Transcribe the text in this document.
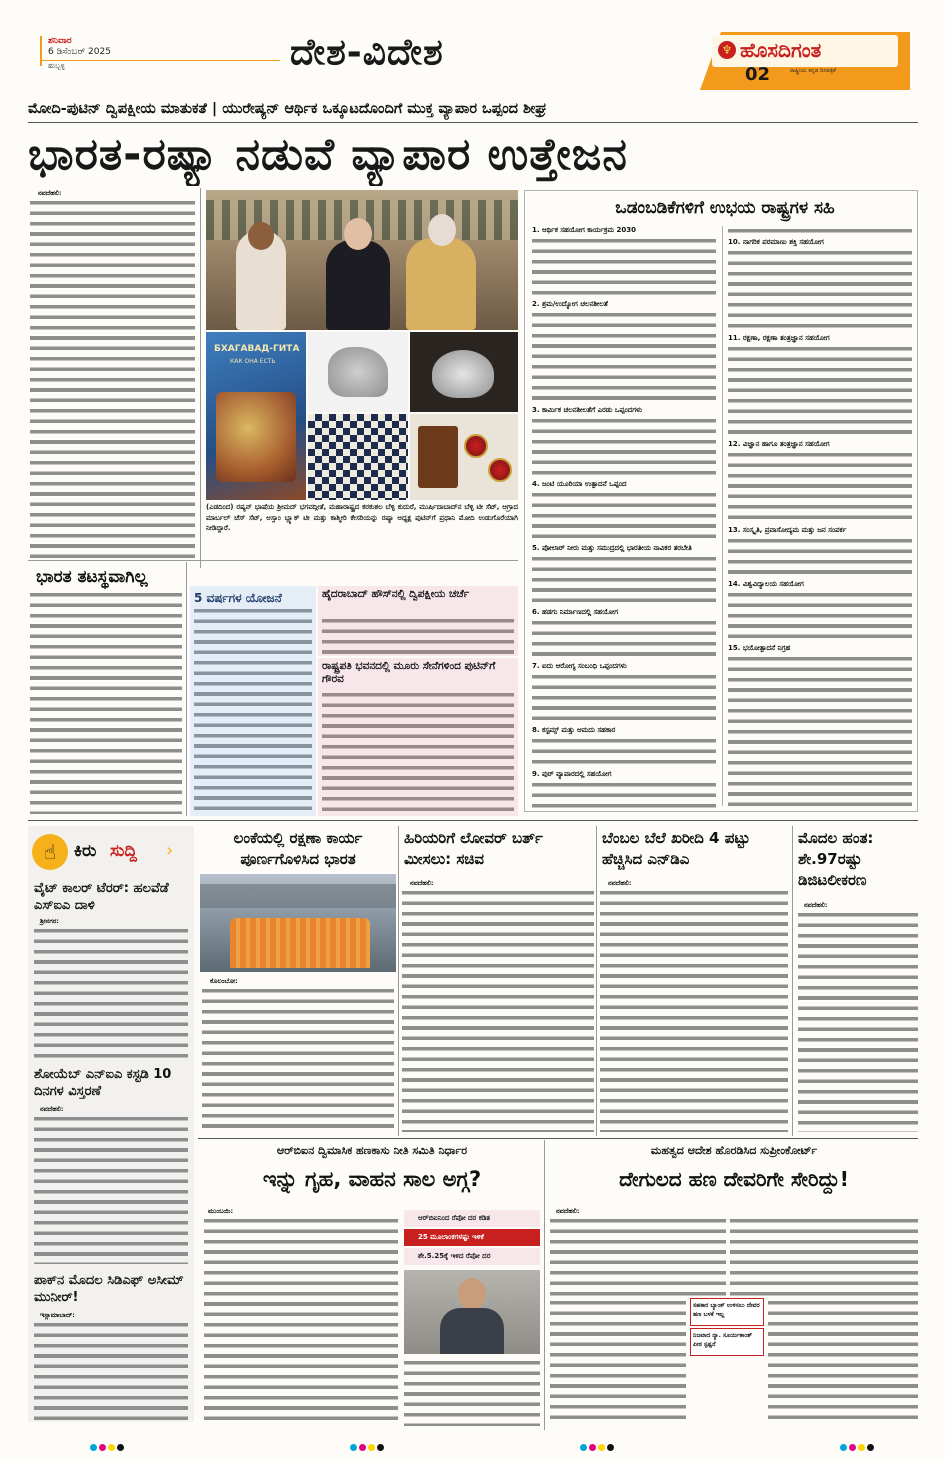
ಶನಿವಾರ
6 ಡಿಸೆಂಬರ್ 2025
ಹುಬ್ಬಳ್ಳಿ	ದೇಶ-ವಿದೇಶ	♆ ಹೊಸದಿಗಂತ
ರಾಷ್ಟ್ರೀಯ ಕನ್ನಡ ದಿನಪತ್ರಿಕೆ
02
ಮೋದಿ-ಪುಟಿನ್ ದ್ವಿಪಕ್ಷೀಯ ಮಾತುಕತೆ | ಯುರೇಷ್ಯನ್ ಆರ್ಥಿಕ ಒಕ್ಕೂಟದೊಂದಿಗೆ ಮುಕ್ತ ವ್ಯಾಪಾರ ಒಪ್ಪಂದ ಶೀಘ್ರ
ಭಾರತ-ರಷ್ಯಾ ನಡುವೆ ವ್ಯಾಪಾರ ಉತ್ತೇಜನ
ನವದೆಹಲಿ:
БХАГАВАД-ГИТА
КАК ОНА ЕСТЬ
(ಎಡದಿಂದ) ರಷ್ಯನ್ ಭಾಷೆಯ ಶ್ರೀಮದ್ ಭಗವದ್ಗೀತೆ, ಮಹಾರಾಷ್ಟ್ರದ ಕರಕುಶಲ ಬೆಳ್ಳಿ ಕುದುರೆ, ಮುರ್ಷಿದಾಬಾದ್‌ನ ಬೆಳ್ಳಿ ಟೀ ಸೆಟ್, ಆಗ್ರಾದ ಮಾರ್ಬಲ್ ಚೆಸ್ ಸೆಟ್, ಅಸ್ಸಾಂ ಬ್ಲ್ಯಾಕ್ ಟೀ ಮತ್ತು ಕಾಶ್ಮೀರಿ ಕೇಸರಿಯನ್ನು ರಷ್ಯಾ ಅಧ್ಯಕ್ಷ ಪುಟಿನ್‌ಗೆ ಪ್ರಧಾನಿ ಮೋದಿ ಉಡುಗೊರೆಯಾಗಿ ನೀಡಿದ್ದಾರೆ.
ಒಡಂಬಡಿಕೆಗಳಿಗೆ ಉಭಯ ರಾಷ್ಟ್ರಗಳ ಸಹಿ
1. ಆರ್ಥಿಕ ಸಹಯೋಗ ಕಾರ್ಯಕ್ರಮ 2030
2. ಶ್ರಮ/ಉದ್ಯೋಗ ಚಲನಶೀಲತೆ
3. ಕಾರ್ಮಿಕ ಚಲನಶೀಲತೆಗೆ ಎರಡು ಒಪ್ಪಂದಗಳು
4. ಜಂಟಿ ಯೂರಿಯಾ ಉತ್ಪಾದನೆ ಒಪ್ಪಂದ
5. ಪೋಲಾರ್ ನೀರು ಮತ್ತು ಸಮುದ್ರದಲ್ಲಿ ಭಾರತೀಯ ನಾವಿಕರ ತರಬೇತಿ
6. ಹಡಗು ನಿರ್ಮಾಣದಲ್ಲಿ ಸಹಯೋಗ
7. ಐದು ಆರೋಗ್ಯ ಸಂಬಂಧಿ ಒಪ್ಪಂದಗಳು
8. ಕಸ್ಟಮ್ಸ್ ಮತ್ತು ಆಮದು ಸಹಕಾರ
9. ಪುರ್ ವ್ಯಾಪಾರದಲ್ಲಿ ಸಹಯೋಗ
10. ನಾಗರಿಕ ಪರಮಾಣು ಶಕ್ತಿ ಸಹಯೋಗ
11. ರಕ್ಷಣಾ, ರಕ್ಷಣಾ ತಂತ್ರಜ್ಞಾನ ಸಹಯೋಗ
12. ವಿಜ್ಞಾನ ಹಾಗೂ ತಂತ್ರಜ್ಞಾನ ಸಹಯೋಗ
13. ಸಂಸ್ಕೃತಿ, ಪ್ರವಾಸೋದ್ಯಮ ಮತ್ತು ಜನ ಸಂಪರ್ಕ
14. ವಿಶ್ವವಿದ್ಯಾಲಯ ಸಹಯೋಗ
15. ಭಯೋತ್ಪಾದನೆ ನಿಗ್ರಹ
ಭಾರತ ತಟಸ್ಥವಾಗಿಲ್ಲ
5 ವರ್ಷಗಳ ಯೋಜನೆ	ಹೈದರಾಬಾದ್ ಹೌಸ್‌ನಲ್ಲಿ ದ್ವಿಪಕ್ಷೀಯ ಚರ್ಚೆ
ರಾಷ್ಟ್ರಪತಿ ಭವನದಲ್ಲಿ ಮೂರು ಸೇನೆಗಳಿಂದ ಪುಟಿನ್‌ಗೆ ಗೌರವ
☝	ಕಿರು ಸುದ್ದಿ ›
ವೈಟ್ ಕಾಲರ್ ಟೆರರ್: ಹಲವೆಡೆ ಎಸ್‌ಐಎ ದಾಳಿ
ಶ್ರೀನಗರ:
ಶೋಯೆಬ್ ಎನ್‌ಐಎ ಕಸ್ಟಡಿ 10 ದಿನಗಳ ವಿಸ್ತರಣೆ
ನವದೆಹಲಿ:
ಪಾಕ್‌ನ ಮೊದಲ ಸಿಡಿಎಫ್ ಅಸೀಮ್ ಮುನೀರ್!
ಇಸ್ಲಾಮಾಬಾದ್:
ಲಂಕೆಯಲ್ಲಿ ರಕ್ಷಣಾ ಕಾರ್ಯ ಪೂರ್ಣಗೊಳಿಸಿದ ಭಾರತ
ಕೊಲಂಬೋ:
ಹಿರಿಯರಿಗೆ ಲೋವರ್ ಬರ್ತ್ ಮೀಸಲು: ಸಚಿವ
ನವದೆಹಲಿ:
ಬೆಂಬಲ ಬೆಲೆ ಖರೀದಿ 4 ಪಟ್ಟು ಹೆಚ್ಚಿಸಿದ ಎನ್‌ಡಿಎ
ನವದೆಹಲಿ:
ಮೊದಲ ಹಂತ: ಶೇ.97ರಷ್ಟು ಡಿಜಿಟಲೀಕರಣ
ನವದೆಹಲಿ:
ಆರ್‌ಬಿಐನ ದ್ವಿಮಾಸಿಕ ಹಣಕಾಸು ನೀತಿ ಸಮಿತಿ ನಿರ್ಧಾರ
ಇನ್ನು ಗೃಹ, ವಾಹನ ಸಾಲ ಅಗ್ಗ?
ಮುಂಬಯಿ:
ಆರ್‌ಬಿಐನಿಂದ ರೆಪೋ ದರ ಕಡಿತ
25 ಮೂಲಾಂಕಗಳಷ್ಟು ಇಳಿಕೆ
ಶೇ.5.25ಕ್ಕೆ ಇಳಿದ ರೆಪೋ ದರ
ಮಹತ್ವದ ಆದೇಶ ಹೊರಡಿಸಿದ ಸುಪ್ರೀಂಕೋರ್ಟ್
ದೇಗುಲದ ಹಣ ದೇವರಿಗೇ ಸೇರಿದ್ದು!
ನವದೆಹಲಿ:
ಸಹಕಾರ ಬ್ಯಾಂಕ್ ಉಳಿಸಲು ದೇವರ ಹಣ ಬಳಕೆ ಇಲ್ಲ
ನಿಜವಾದ ನ್ಯಾ. ಸೂರ್ಯಕಾಂತ್ ಪೀಠ ಸ್ಪಷ್ಟನೆ
